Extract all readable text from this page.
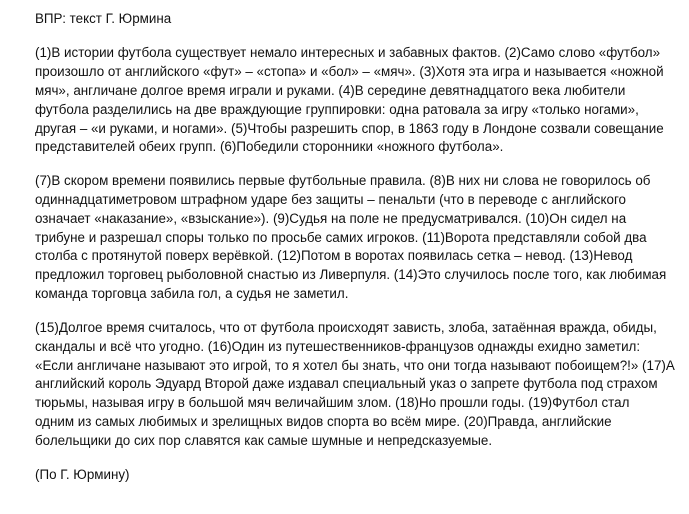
ВПР: текст Г. Юрмина
(1)В истории футбола существует немало интересных и забавных фактов. (2)Само слово «футбол»
произошло от английского «фут» – «стопа» и «бол» – «мяч». (3)Хотя эта игра и называется «ножной
мяч», англичане долгое время играли и руками. (4)В середине девятнадцатого века любители
футбола разделились на две враждующие группировки: одна ратовала за игру «только ногами»,
другая – «и руками, и ногами». (5)Чтобы разрешить спор, в 1863 году в Лондоне созвали совещание
представителей обеих групп. (6)Победили сторонники «ножного футбола».
(7)В скором времени появились первые футбольные правила. (8)В них ни слова не говорилось об
одиннадцатиметровом штрафном ударе без защиты – пенальти (что в переводе с английского
означает «наказание», «взыскание»). (9)Судья на поле не предусматривался. (10)Он сидел на
трибуне и разрешал споры только по просьбе самих игроков. (11)Ворота представляли собой два
столба с протянутой поверх верёвкой. (12)Потом в воротах появилась сетка – невод. (13)Невод
предложил торговец рыболовной снастью из Ливерпуля. (14)Это случилось после того, как любимая
команда торговца забила гол, а судья не заметил.
(15)Долгое время считалось, что от футбола происходят зависть, злоба, затаённая вражда, обиды,
скандалы и всё что угодно. (16)Один из путешественников-французов однажды ехидно заметил:
«Если англичане называют это игрой, то я хотел бы знать, что они тогда называют побоищем?!» (17)А
английский король Эдуард Второй даже издавал специальный указ о запрете футбола под страхом
тюрьмы, называя игру в большой мяч величайшим злом. (18)Но прошли годы. (19)Футбол стал
одним из самых любимых и зрелищных видов спорта во всём мире. (20)Правда, английские
болельщики до сих пор славятся как самые шумные и непредсказуемые.
(По Г. Юрмину)
